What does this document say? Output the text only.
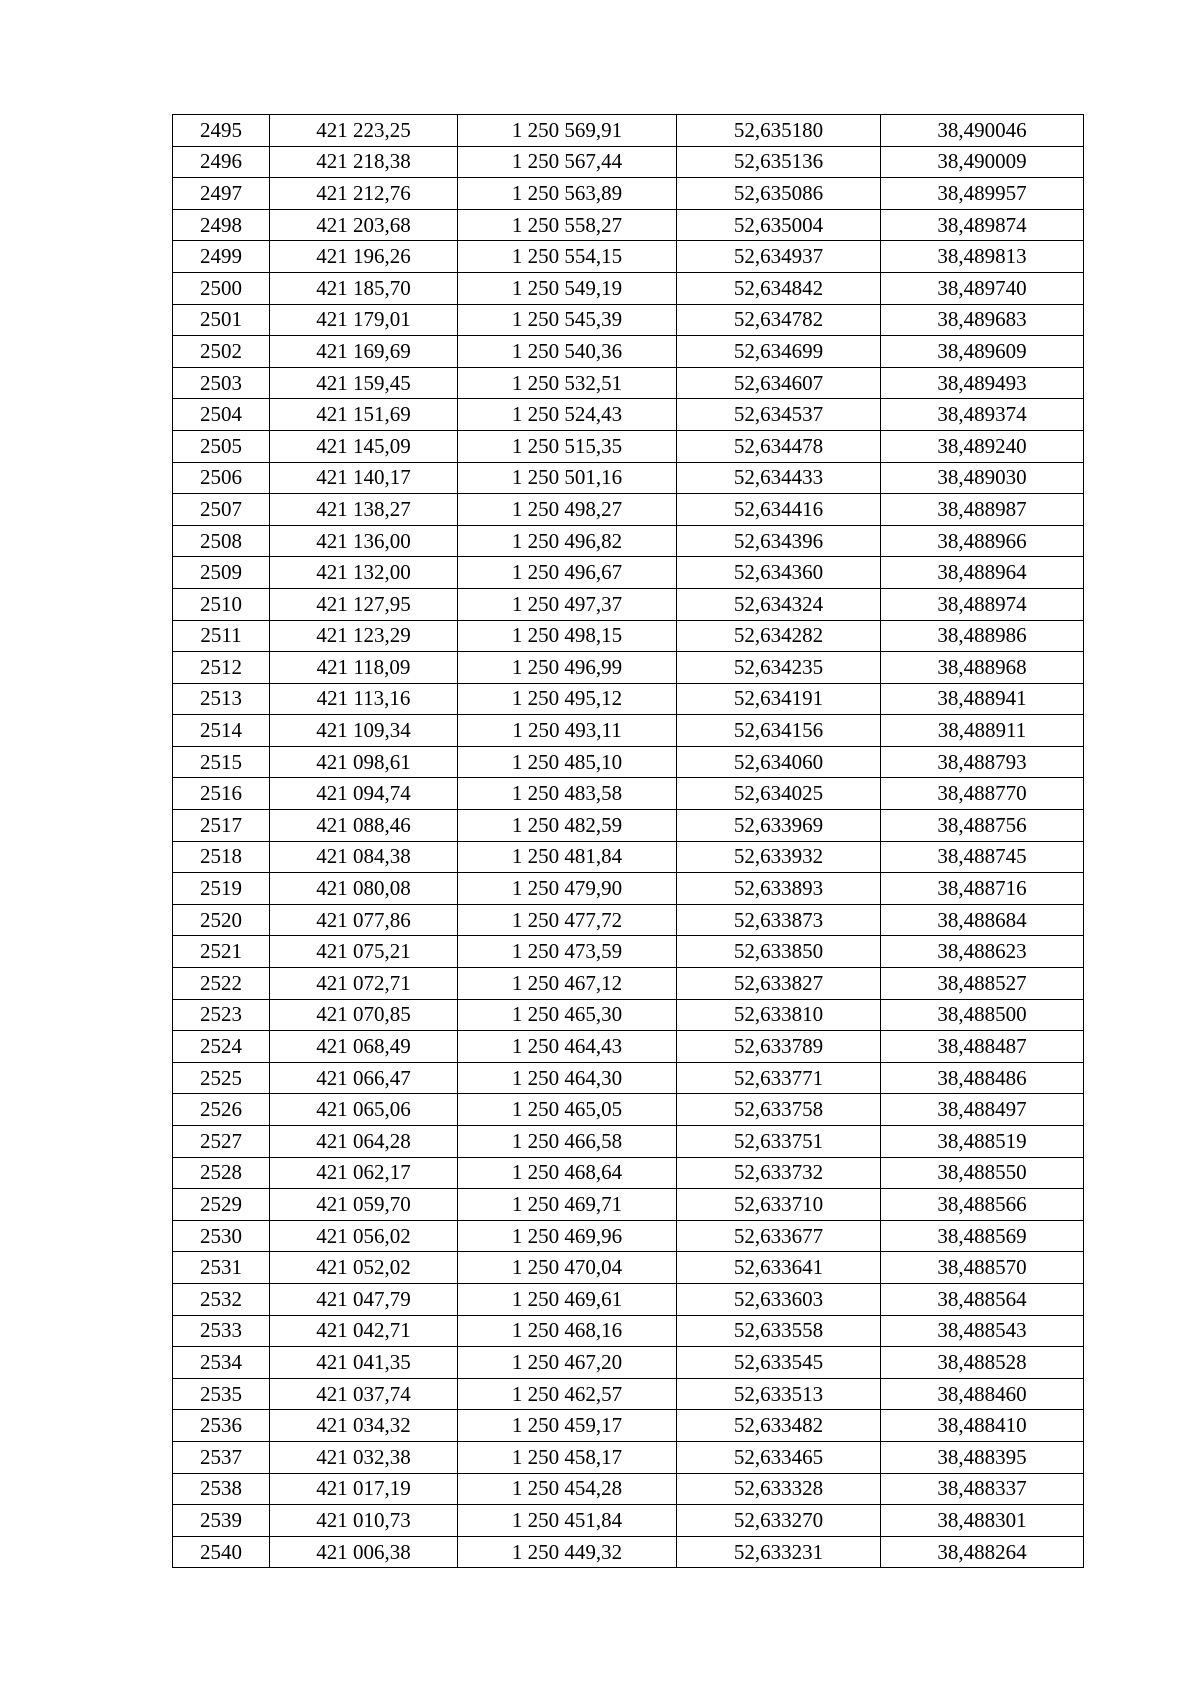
2495	421 223,25	1 250 569,91	52,635180	38,490046
2496	421 218,38	1 250 567,44	52,635136	38,490009
2497	421 212,76	1 250 563,89	52,635086	38,489957
2498	421 203,68	1 250 558,27	52,635004	38,489874
2499	421 196,26	1 250 554,15	52,634937	38,489813
2500	421 185,70	1 250 549,19	52,634842	38,489740
2501	421 179,01	1 250 545,39	52,634782	38,489683
2502	421 169,69	1 250 540,36	52,634699	38,489609
2503	421 159,45	1 250 532,51	52,634607	38,489493
2504	421 151,69	1 250 524,43	52,634537	38,489374
2505	421 145,09	1 250 515,35	52,634478	38,489240
2506	421 140,17	1 250 501,16	52,634433	38,489030
2507	421 138,27	1 250 498,27	52,634416	38,488987
2508	421 136,00	1 250 496,82	52,634396	38,488966
2509	421 132,00	1 250 496,67	52,634360	38,488964
2510	421 127,95	1 250 497,37	52,634324	38,488974
2511	421 123,29	1 250 498,15	52,634282	38,488986
2512	421 118,09	1 250 496,99	52,634235	38,488968
2513	421 113,16	1 250 495,12	52,634191	38,488941
2514	421 109,34	1 250 493,11	52,634156	38,488911
2515	421 098,61	1 250 485,10	52,634060	38,488793
2516	421 094,74	1 250 483,58	52,634025	38,488770
2517	421 088,46	1 250 482,59	52,633969	38,488756
2518	421 084,38	1 250 481,84	52,633932	38,488745
2519	421 080,08	1 250 479,90	52,633893	38,488716
2520	421 077,86	1 250 477,72	52,633873	38,488684
2521	421 075,21	1 250 473,59	52,633850	38,488623
2522	421 072,71	1 250 467,12	52,633827	38,488527
2523	421 070,85	1 250 465,30	52,633810	38,488500
2524	421 068,49	1 250 464,43	52,633789	38,488487
2525	421 066,47	1 250 464,30	52,633771	38,488486
2526	421 065,06	1 250 465,05	52,633758	38,488497
2527	421 064,28	1 250 466,58	52,633751	38,488519
2528	421 062,17	1 250 468,64	52,633732	38,488550
2529	421 059,70	1 250 469,71	52,633710	38,488566
2530	421 056,02	1 250 469,96	52,633677	38,488569
2531	421 052,02	1 250 470,04	52,633641	38,488570
2532	421 047,79	1 250 469,61	52,633603	38,488564
2533	421 042,71	1 250 468,16	52,633558	38,488543
2534	421 041,35	1 250 467,20	52,633545	38,488528
2535	421 037,74	1 250 462,57	52,633513	38,488460
2536	421 034,32	1 250 459,17	52,633482	38,488410
2537	421 032,38	1 250 458,17	52,633465	38,488395
2538	421 017,19	1 250 454,28	52,633328	38,488337
2539	421 010,73	1 250 451,84	52,633270	38,488301
2540	421 006,38	1 250 449,32	52,633231	38,488264
